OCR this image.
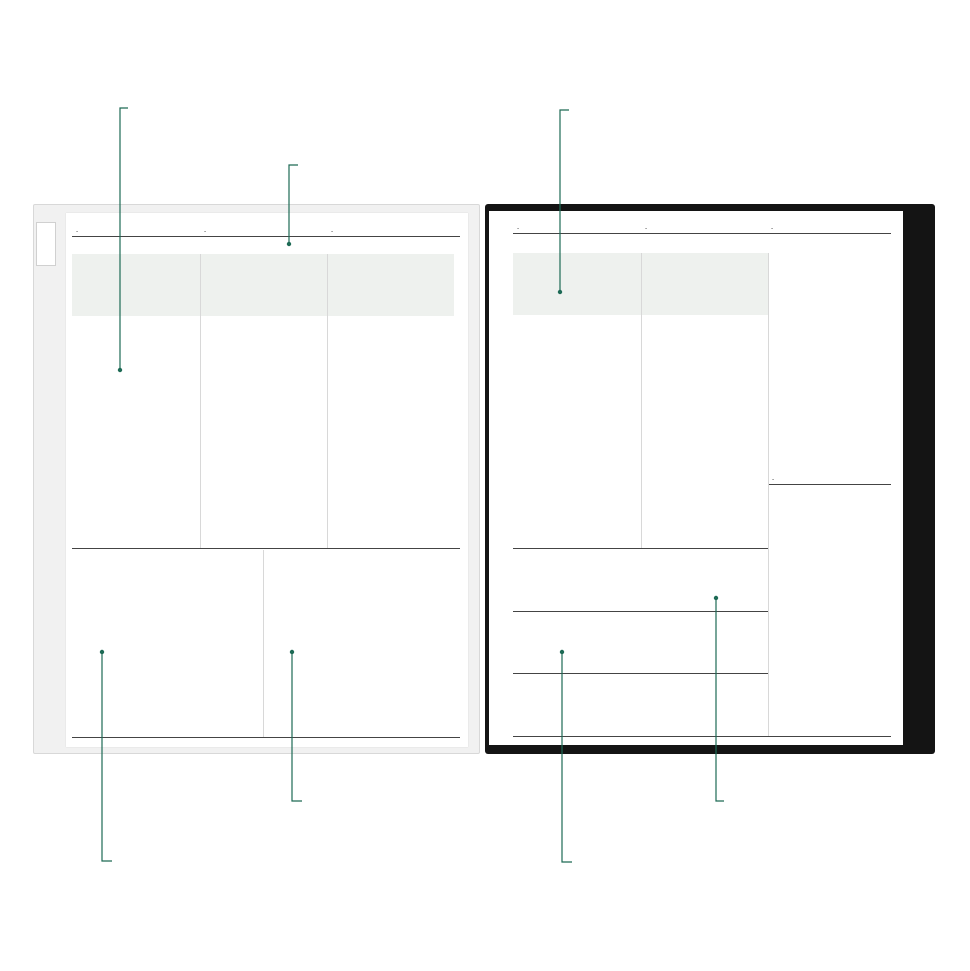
-	-	-	-	-	-
-
